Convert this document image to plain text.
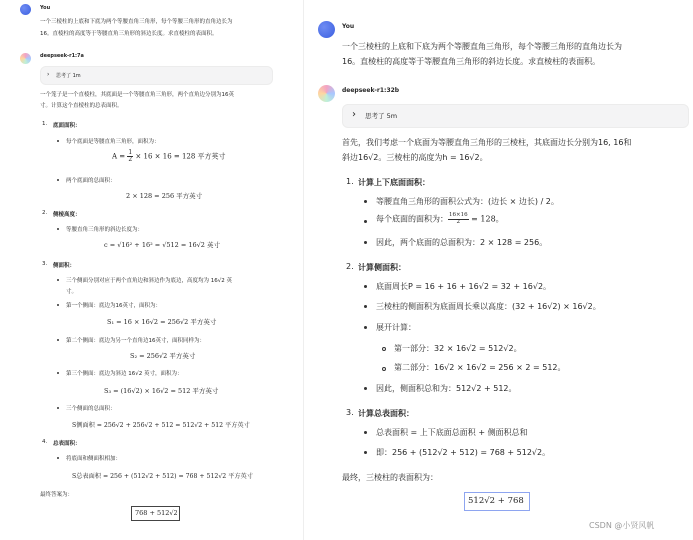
You
一个三棱柱的上底和下底为两个等腰直角三角形，每个等腰三角形的直角边长为
16。直棱柱的高度等于等腰直角三角形的斜边长度。求直棱柱的表面积。
deepseek-r1:7a
› 思考了 1m
一个笼子是一个直棱柱，其底面是一个等腰直角三角形，两个直角边分别为16英
寸。计算这个直棱柱的总表面积。
1. 底面面积：
每个底面是等腰直角三角形，面积为：
$A = \frac{1}{2} \times 16 \times 16 = 128$ 平方英寸
两个底面的总面积：
2 × 128 = 256 平方英寸
2. 侧棱高度：
等腰直角三角形的斜边长度为：
c = √16² + 16² = √512 = 16√2 英寸
3. 侧面积：
三个侧面分别对应于两个直角边和斜边作为底边，高度均为 16√2 英
寸。
第一个侧面：底边为16英寸，面积为：
S₁ = 16 × 16√2 = 256√2 平方英寸
第二个侧面：底边为另一个直角边16英寸，面积同样为：
S₂ = 256√2 平方英寸
第三个侧面：底边为斜边 16√2 英寸，面积为：
S₃ = (16√2) × 16√2 = 512 平方英寸
三个侧面的总面积：
S侧面积 = 256√2 + 256√2 + 512 = 512√2 + 512 平方英寸
4. 总表面积：
将底面和侧面积相加：
S总表面积 = 256 + (512√2 + 512) = 768 + 512√2 平方英寸
最终答案为：
768 + 512√2
You
一个三棱柱的上底和下底为两个等腰直角三角形，每个等腰三角形的直角边长为
16。直棱柱的高度等于等腰直角三角形的斜边长度。求直棱柱的表面积。
deepseek-r1:32b
› 思考了 5m
首先，我们考虑一个底面为等腰直角三角形的三棱柱，其底面边长分别为16, 16和
斜边16√2。三棱柱的高度为h = 16√2。
1. 计算上下底面面积：
等腰直角三角形的面积公式为：(边长 × 边长) / 2。
每个底面的面积为： $\frac{16\times 16}{2} = 128$。
因此，两个底面的总面积为：2 × 128 = 256。
2. 计算侧面积：
底面周长P = 16 + 16 + 16√2 = 32 + 16√2。
三棱柱的侧面积为底面周长乘以高度：(32 + 16√2) × 16√2。
展开计算：
第一部分：32 × 16√2 = 512√2。
第二部分：16√2 × 16√2 = 256 × 2 = 512。
因此，侧面积总和为：512√2 + 512。
3. 计算总表面积：
总表面积 = 上下底面总面积 + 侧面积总和
即：256 + (512√2 + 512) = 768 + 512√2。
最终，三棱柱的表面积为：
512√2 + 768
CSDN @小贤风帆
